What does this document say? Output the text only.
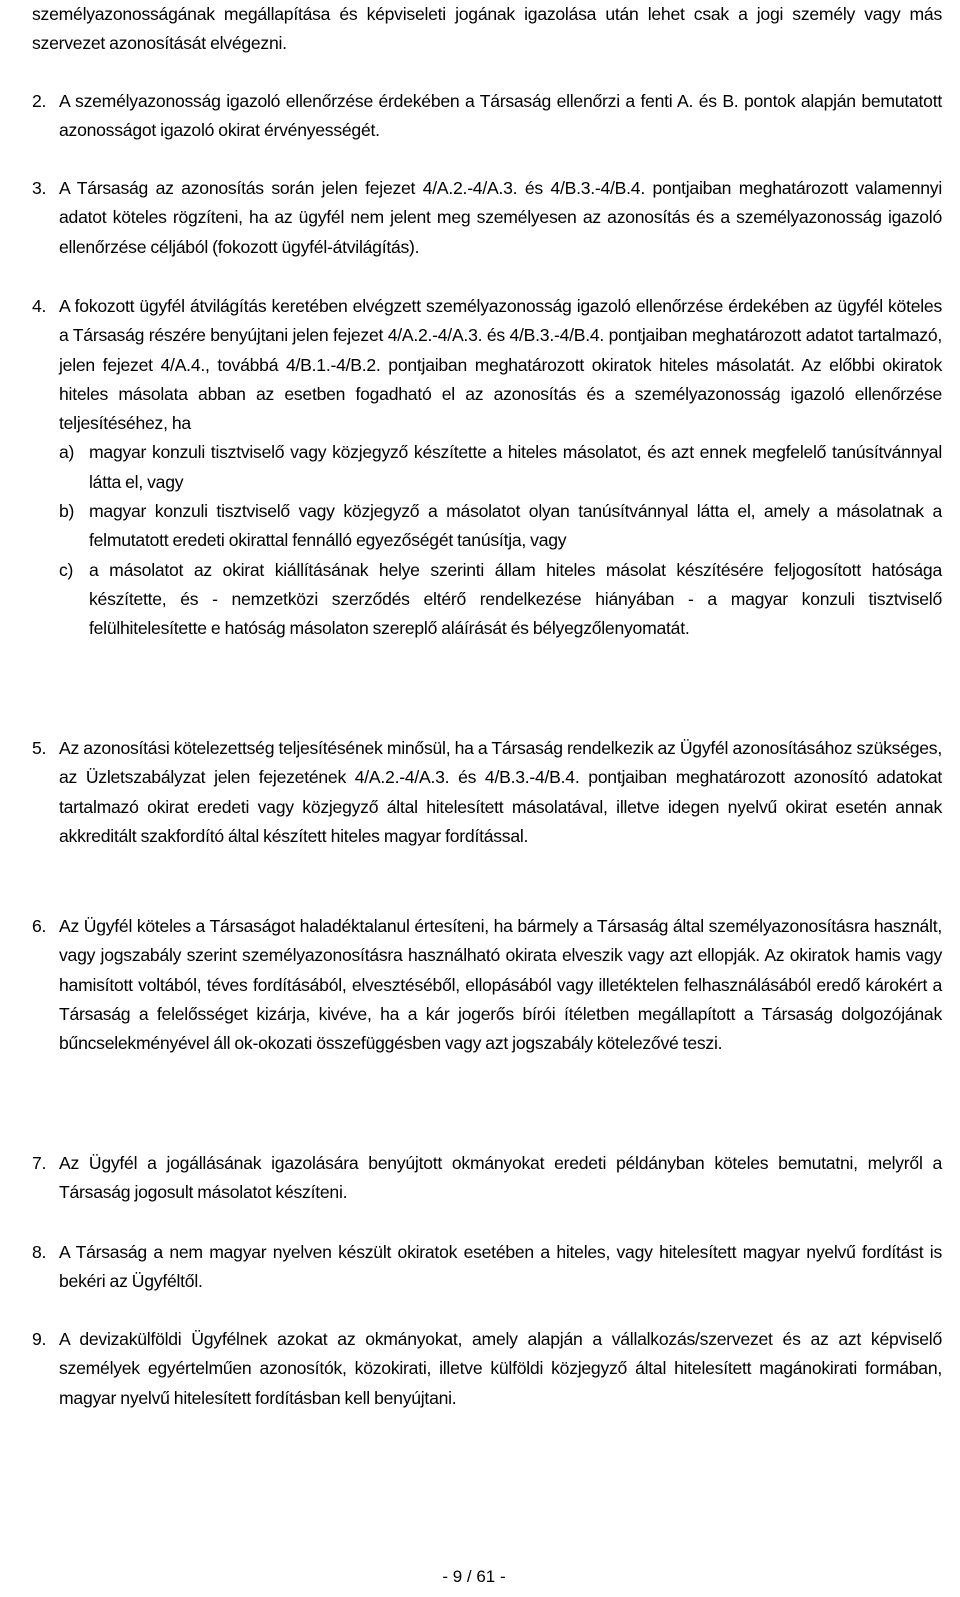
személyazonosságának megállapítása és képviseleti jogának igazolása után lehet csak a jogi személy vagy más szervezet azonosítását elvégezni.
2. A személyazonosság igazoló ellenőrzése érdekében a Társaság ellenőrzi a fenti A. és B. pontok alapján bemutatott azonosságot igazoló okirat érvényességét.
3. A Társaság az azonosítás során jelen fejezet 4/A.2.-4/A.3. és 4/B.3.-4/B.4. pontjaiban meghatározott valamennyi adatot köteles rögzíteni, ha az ügyfél nem jelent meg személyesen az azonosítás és a személyazonosság igazoló ellenőrzése céljából (fokozott ügyfél-átvilágítás).
4. A fokozott ügyfél átvilágítás keretében elvégzett személyazonosság igazoló ellenőrzése érdekében az ügyfél köteles a Társaság részére benyújtani jelen fejezet 4/A.2.-4/A.3. és 4/B.3.-4/B.4. pontjaiban meghatározott adatot tartalmazó, jelen fejezet 4/A.4., továbbá 4/B.1.-4/B.2. pontjaiban meghatározott okiratok hiteles másolatát. Az előbbi okiratok hiteles másolata abban az esetben fogadható el az azonosítás és a személyazonosság igazoló ellenőrzése teljesítéséhez, ha
a) magyar konzuli tisztviselő vagy közjegyző készítette a hiteles másolatot, és azt ennek megfelelő tanúsítvánnyal látta el, vagy
b) magyar konzuli tisztviselő vagy közjegyző a másolatot olyan tanúsítvánnyal látta el, amely a másolatnak a felmutatott eredeti okirattal fennálló egyezőségét tanúsítja, vagy
c) a másolatot az okirat kiállításának helye szerinti állam hiteles másolat készítésére feljogosított hatósága készítette, és - nemzetközi szerződés eltérő rendelkezése hiányában - a magyar konzuli tisztviselő felülhitelesítette e hatóság másolaton szereplő aláírását és bélyegzőlenyomatát.
5. Az azonosítási kötelezettség teljesítésének minősül, ha a Társaság rendelkezik az Ügyfél azonosításához szükséges, az Üzletszabályzat jelen fejezetének 4/A.2.-4/A.3. és 4/B.3.-4/B.4. pontjaiban meghatározott azonosító adatokat tartalmazó okirat eredeti vagy közjegyző által hitelesített másolatával, illetve idegen nyelvű okirat esetén annak akkreditált szakfordító által készített hiteles magyar fordítással.
6. Az Ügyfél köteles a Társaságot haladéktalanul értesíteni, ha bármely a Társaság által személyazonosításra használt, vagy jogszabály szerint személyazonosításra használható okirata elveszik vagy azt ellopják. Az okiratok hamis vagy hamisított voltából, téves fordításából, elvesztéséből, ellopásából vagy illetéktelen felhasználásából eredő károkért a Társaság a felelősséget kizárja, kivéve, ha a kár jogerős bírói ítéletben megállapított a Társaság dolgozójának bűncselekményével áll ok-okozati összefüggésben vagy azt jogszabály kötelezővé teszi.
7. Az Ügyfél a jogállásának igazolására benyújtott okmányokat eredeti példányban köteles bemutatni, melyről a Társaság jogosult másolatot készíteni.
8. A Társaság a nem magyar nyelven készült okiratok esetében a hiteles, vagy hitelesített magyar nyelvű fordítást is bekéri az Ügyféltől.
9. A devizakülföldi Ügyfélnek azokat az okmányokat, amely alapján a vállalkozás/szervezet és az azt képviselő személyek egyértelműen azonosítók, közokirati, illetve külföldi közjegyző által hitelesített magánokirati formában, magyar nyelvű hitelesített fordításban kell benyújtani.
- 9 / 61 -
